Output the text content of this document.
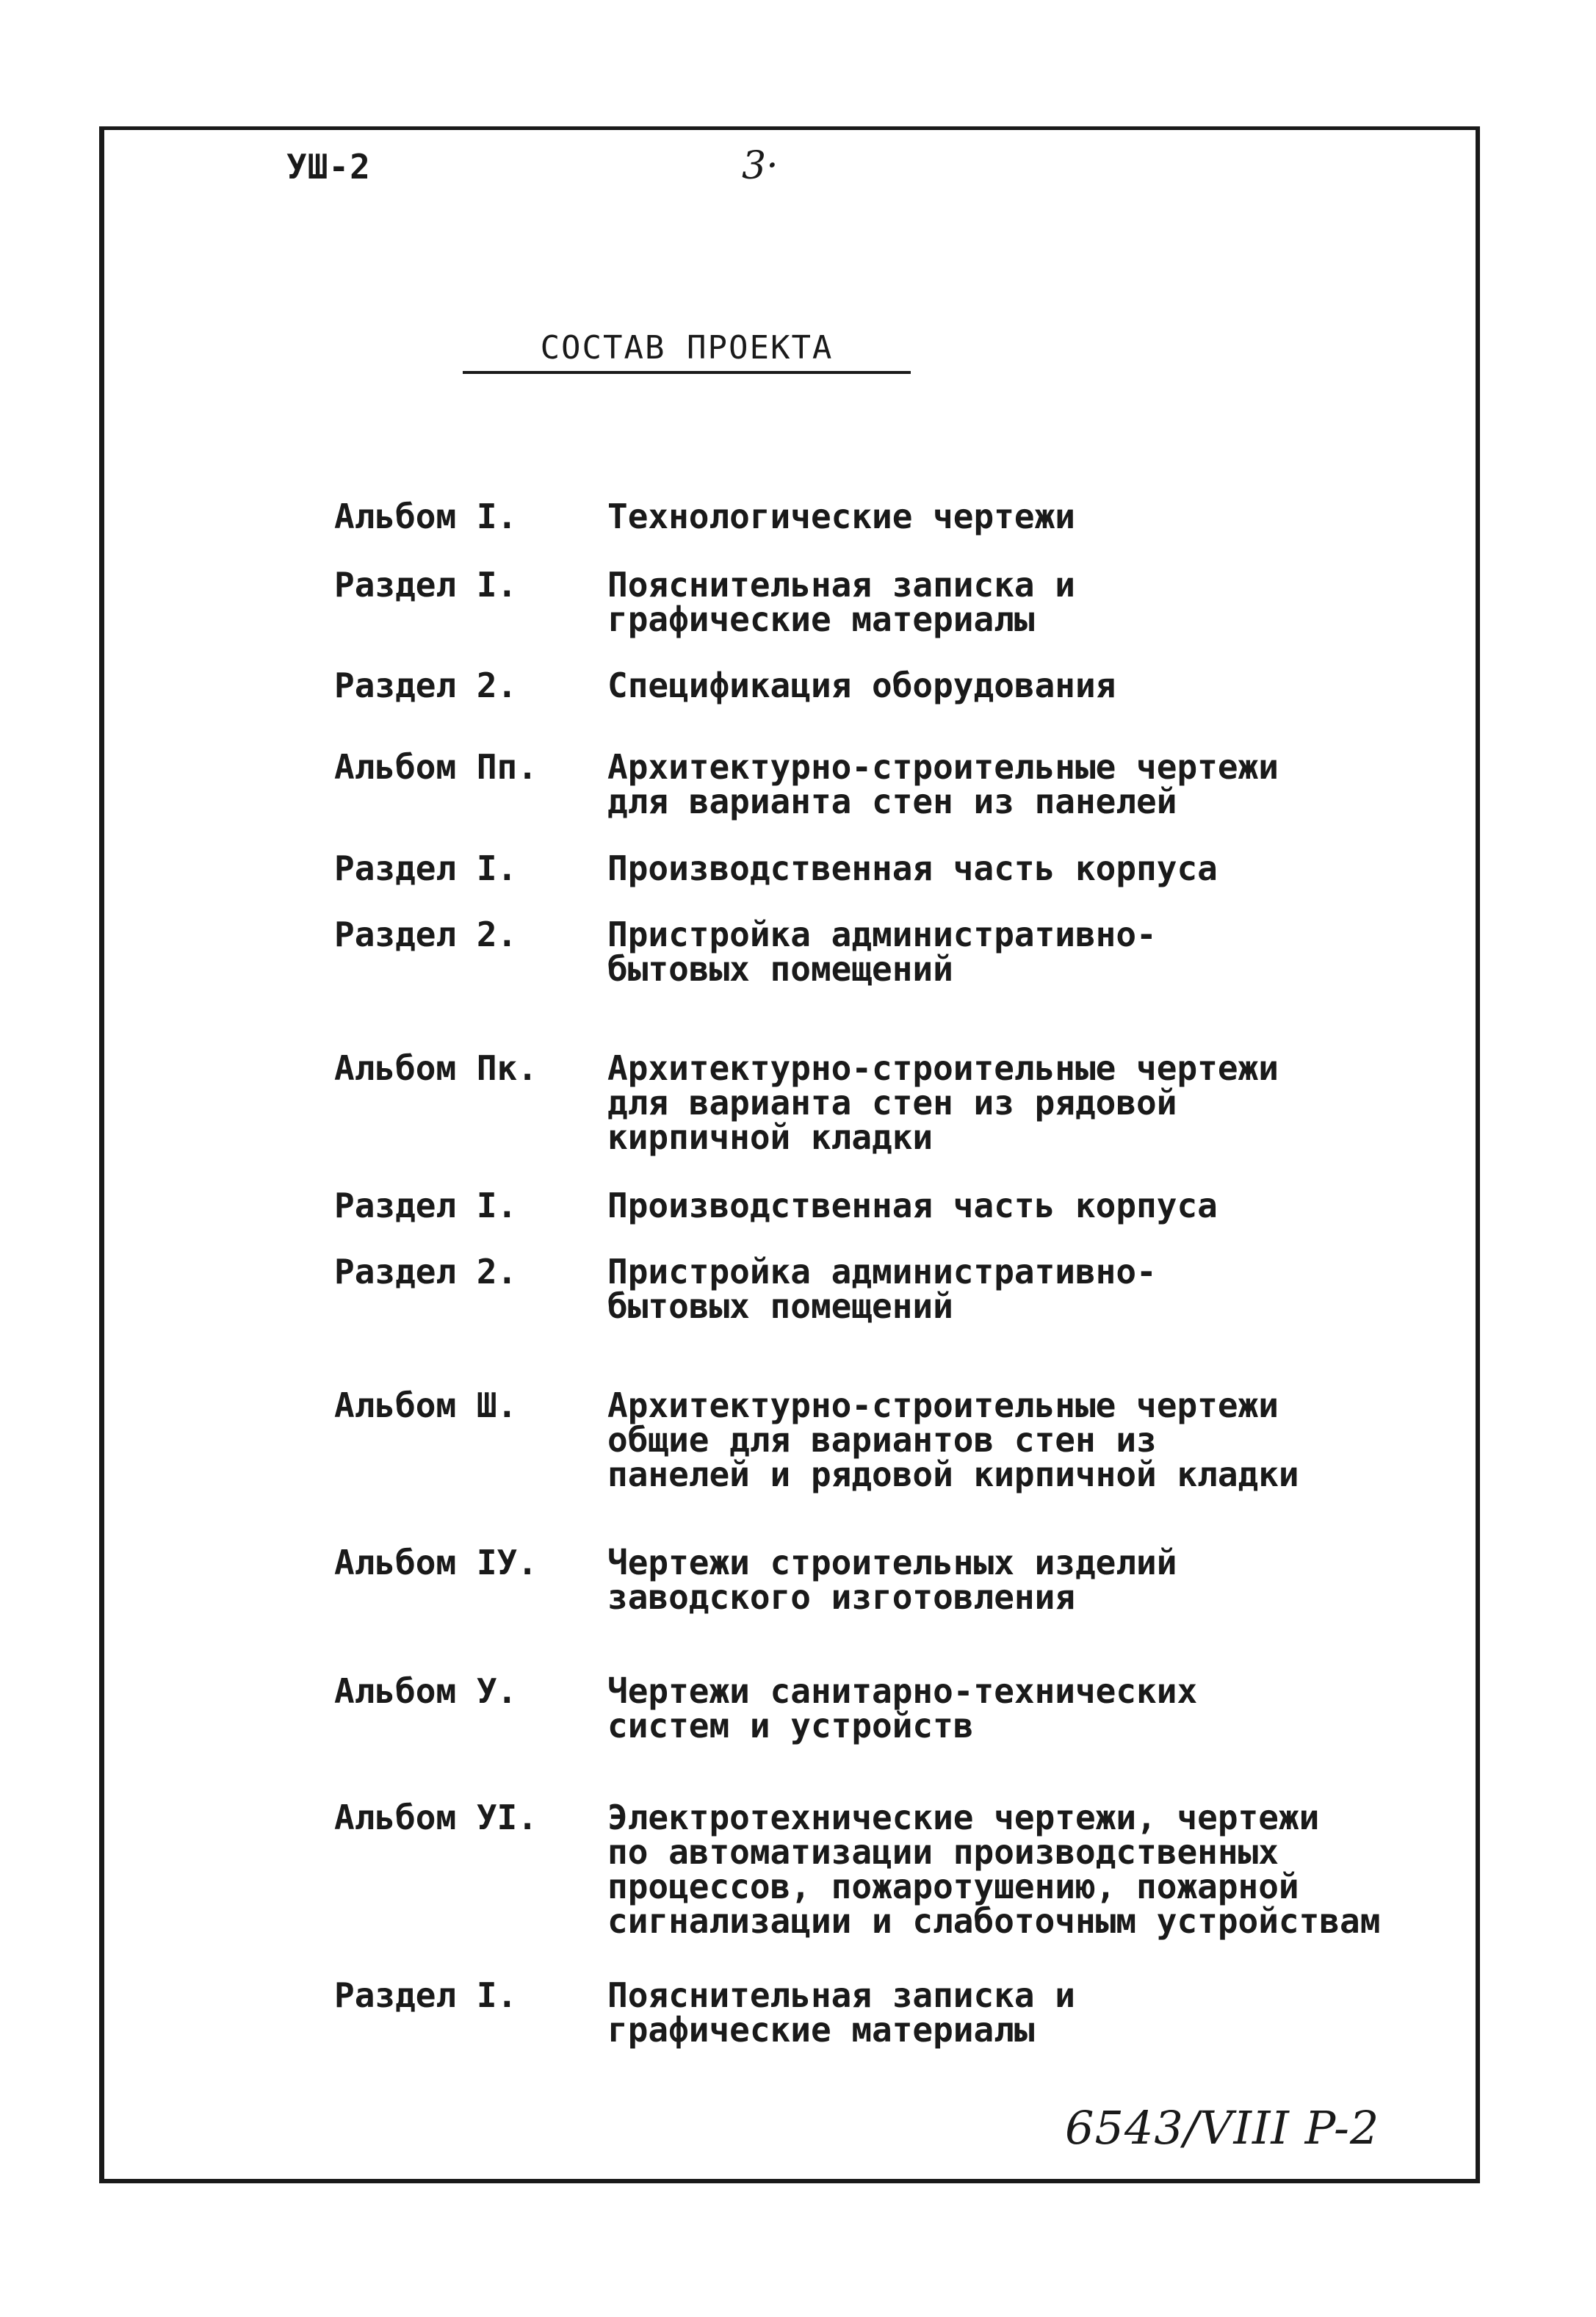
УШ-2	3·
СОСТАВ ПРОЕКТА
Альбом I.	Технологические чертежи
Раздел I.	Пояснительная записка и
графические материалы
Раздел 2.	Спецификация оборудования
Альбом Пп.	Архитектурно-строительные чертежи
для варианта стен из панелей
Раздел I.	Производственная часть корпуса
Раздел 2.	Пристройка административно-
бытовых помещений
Альбом Пк.	Архитектурно-строительные чертежи
для варианта стен из рядовой
кирпичной кладки
Раздел I.	Производственная часть корпуса
Раздел 2.	Пристройка административно-
бытовых помещений
Альбом Ш.	Архитектурно-строительные чертежи
общие для вариантов стен из
панелей и рядовой кирпичной кладки
Альбом IУ.	Чертежи строительных изделий
заводского изготовления
Альбом У.	Чертежи санитарно-технических
систем и устройств
Альбом УI.	Электротехнические чертежи, чертежи
по автоматизации производственных
процессов, пожаротушению, пожарной
сигнализации и слаботочным устройствам
Раздел I.	Пояснительная записка и
графические материалы
6543/VIII P-2
